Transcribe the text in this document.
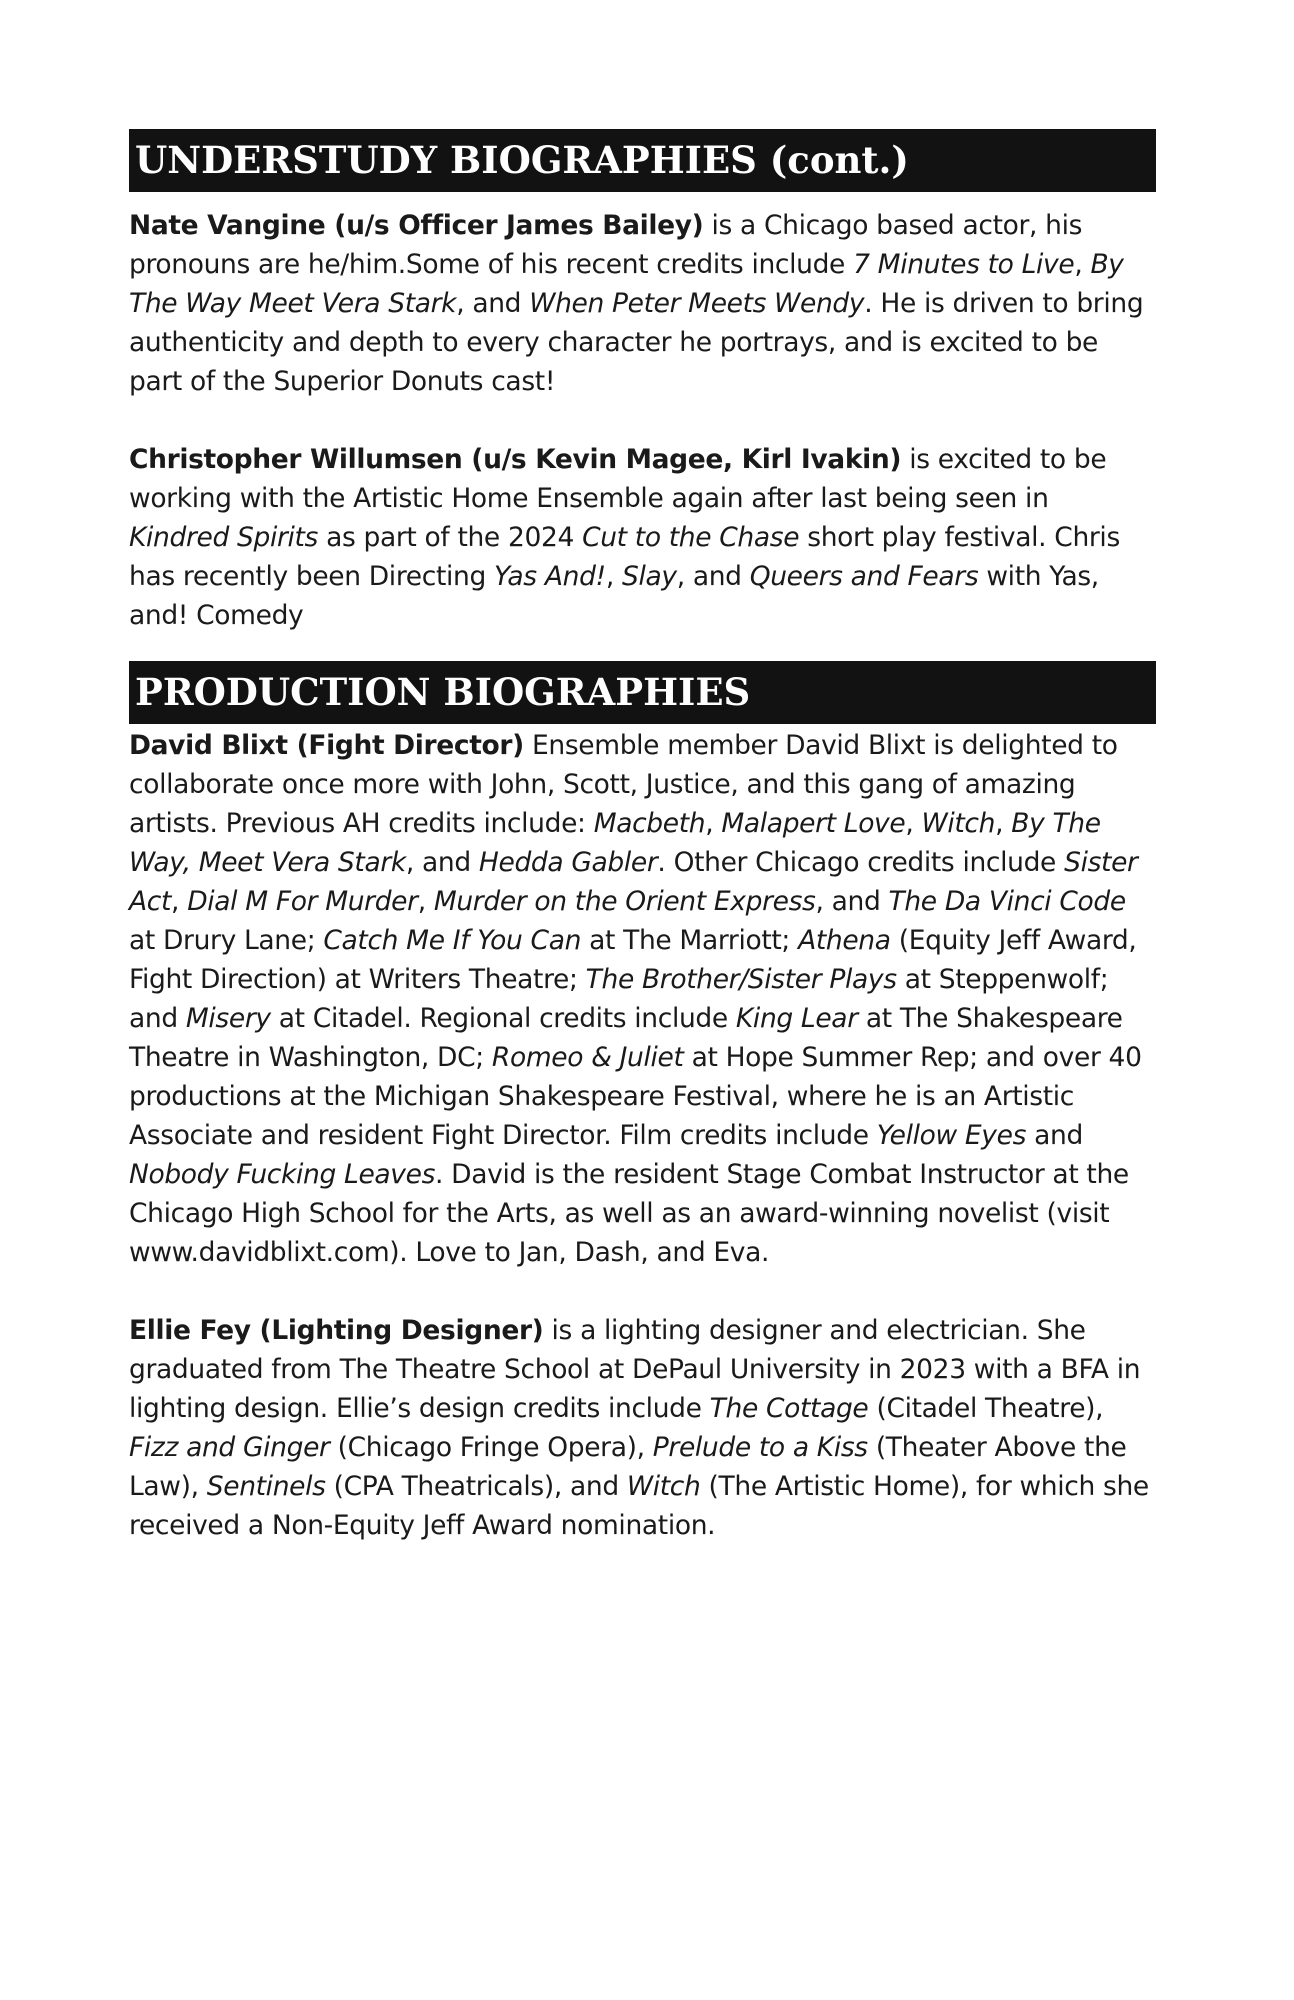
UNDERSTUDY BIOGRAPHIES (cont.)

Nate Vangine (u/s Officer James Bailey) is a Chicago based actor, his pronouns are he/him.Some of his recent credits include 7 Minutes to Live, By The Way Meet Vera Stark, and When Peter Meets Wendy. He is driven to bring authenticity and depth to every character he portrays, and is excited to be part of the Superior Donuts cast!

Christopher Willumsen (u/s Kevin Magee, Kirl Ivakin) is excited to be working with the Artistic Home Ensemble again after last being seen in Kindred Spirits as part of the 2024 Cut to the Chase short play festival. Chris has recently been Directing Yas And!, Slay, and Queers and Fears with Yas, and! Comedy

PRODUCTION BIOGRAPHIES

David Blixt (Fight Director) Ensemble member David Blixt is delighted to collaborate once more with John, Scott, Justice, and this gang of amazing artists. Previous AH credits include: Macbeth, Malapert Love, Witch, By The Way, Meet Vera Stark, and Hedda Gabler. Other Chicago credits include Sister Act, Dial M For Murder, Murder on the Orient Express, and The Da Vinci Code at Drury Lane; Catch Me If You Can at The Marriott; Athena (Equity Jeff Award, Fight Direction) at Writers Theatre; The Brother/Sister Plays at Steppenwolf; and Misery at Citadel. Regional credits include King Lear at The Shakespeare Theatre in Washington, DC; Romeo & Juliet at Hope Summer Rep; and over 40 productions at the Michigan Shakespeare Festival, where he is an Artistic Associate and resident Fight Director. Film credits include Yellow Eyes and Nobody Fucking Leaves. David is the resident Stage Combat Instructor at the Chicago High School for the Arts, as well as an award-winning novelist (visit www.davidblixt.com). Love to Jan, Dash, and Eva.

Ellie Fey (Lighting Designer) is a lighting designer and electrician. She graduated from The Theatre School at DePaul University in 2023 with a BFA in lighting design. Ellie’s design credits include The Cottage (Citadel Theatre), Fizz and Ginger (Chicago Fringe Opera), Prelude to a Kiss (Theater Above the Law), Sentinels (CPA Theatricals), and Witch (The Artistic Home), for which she received a Non-Equity Jeff Award nomination.
